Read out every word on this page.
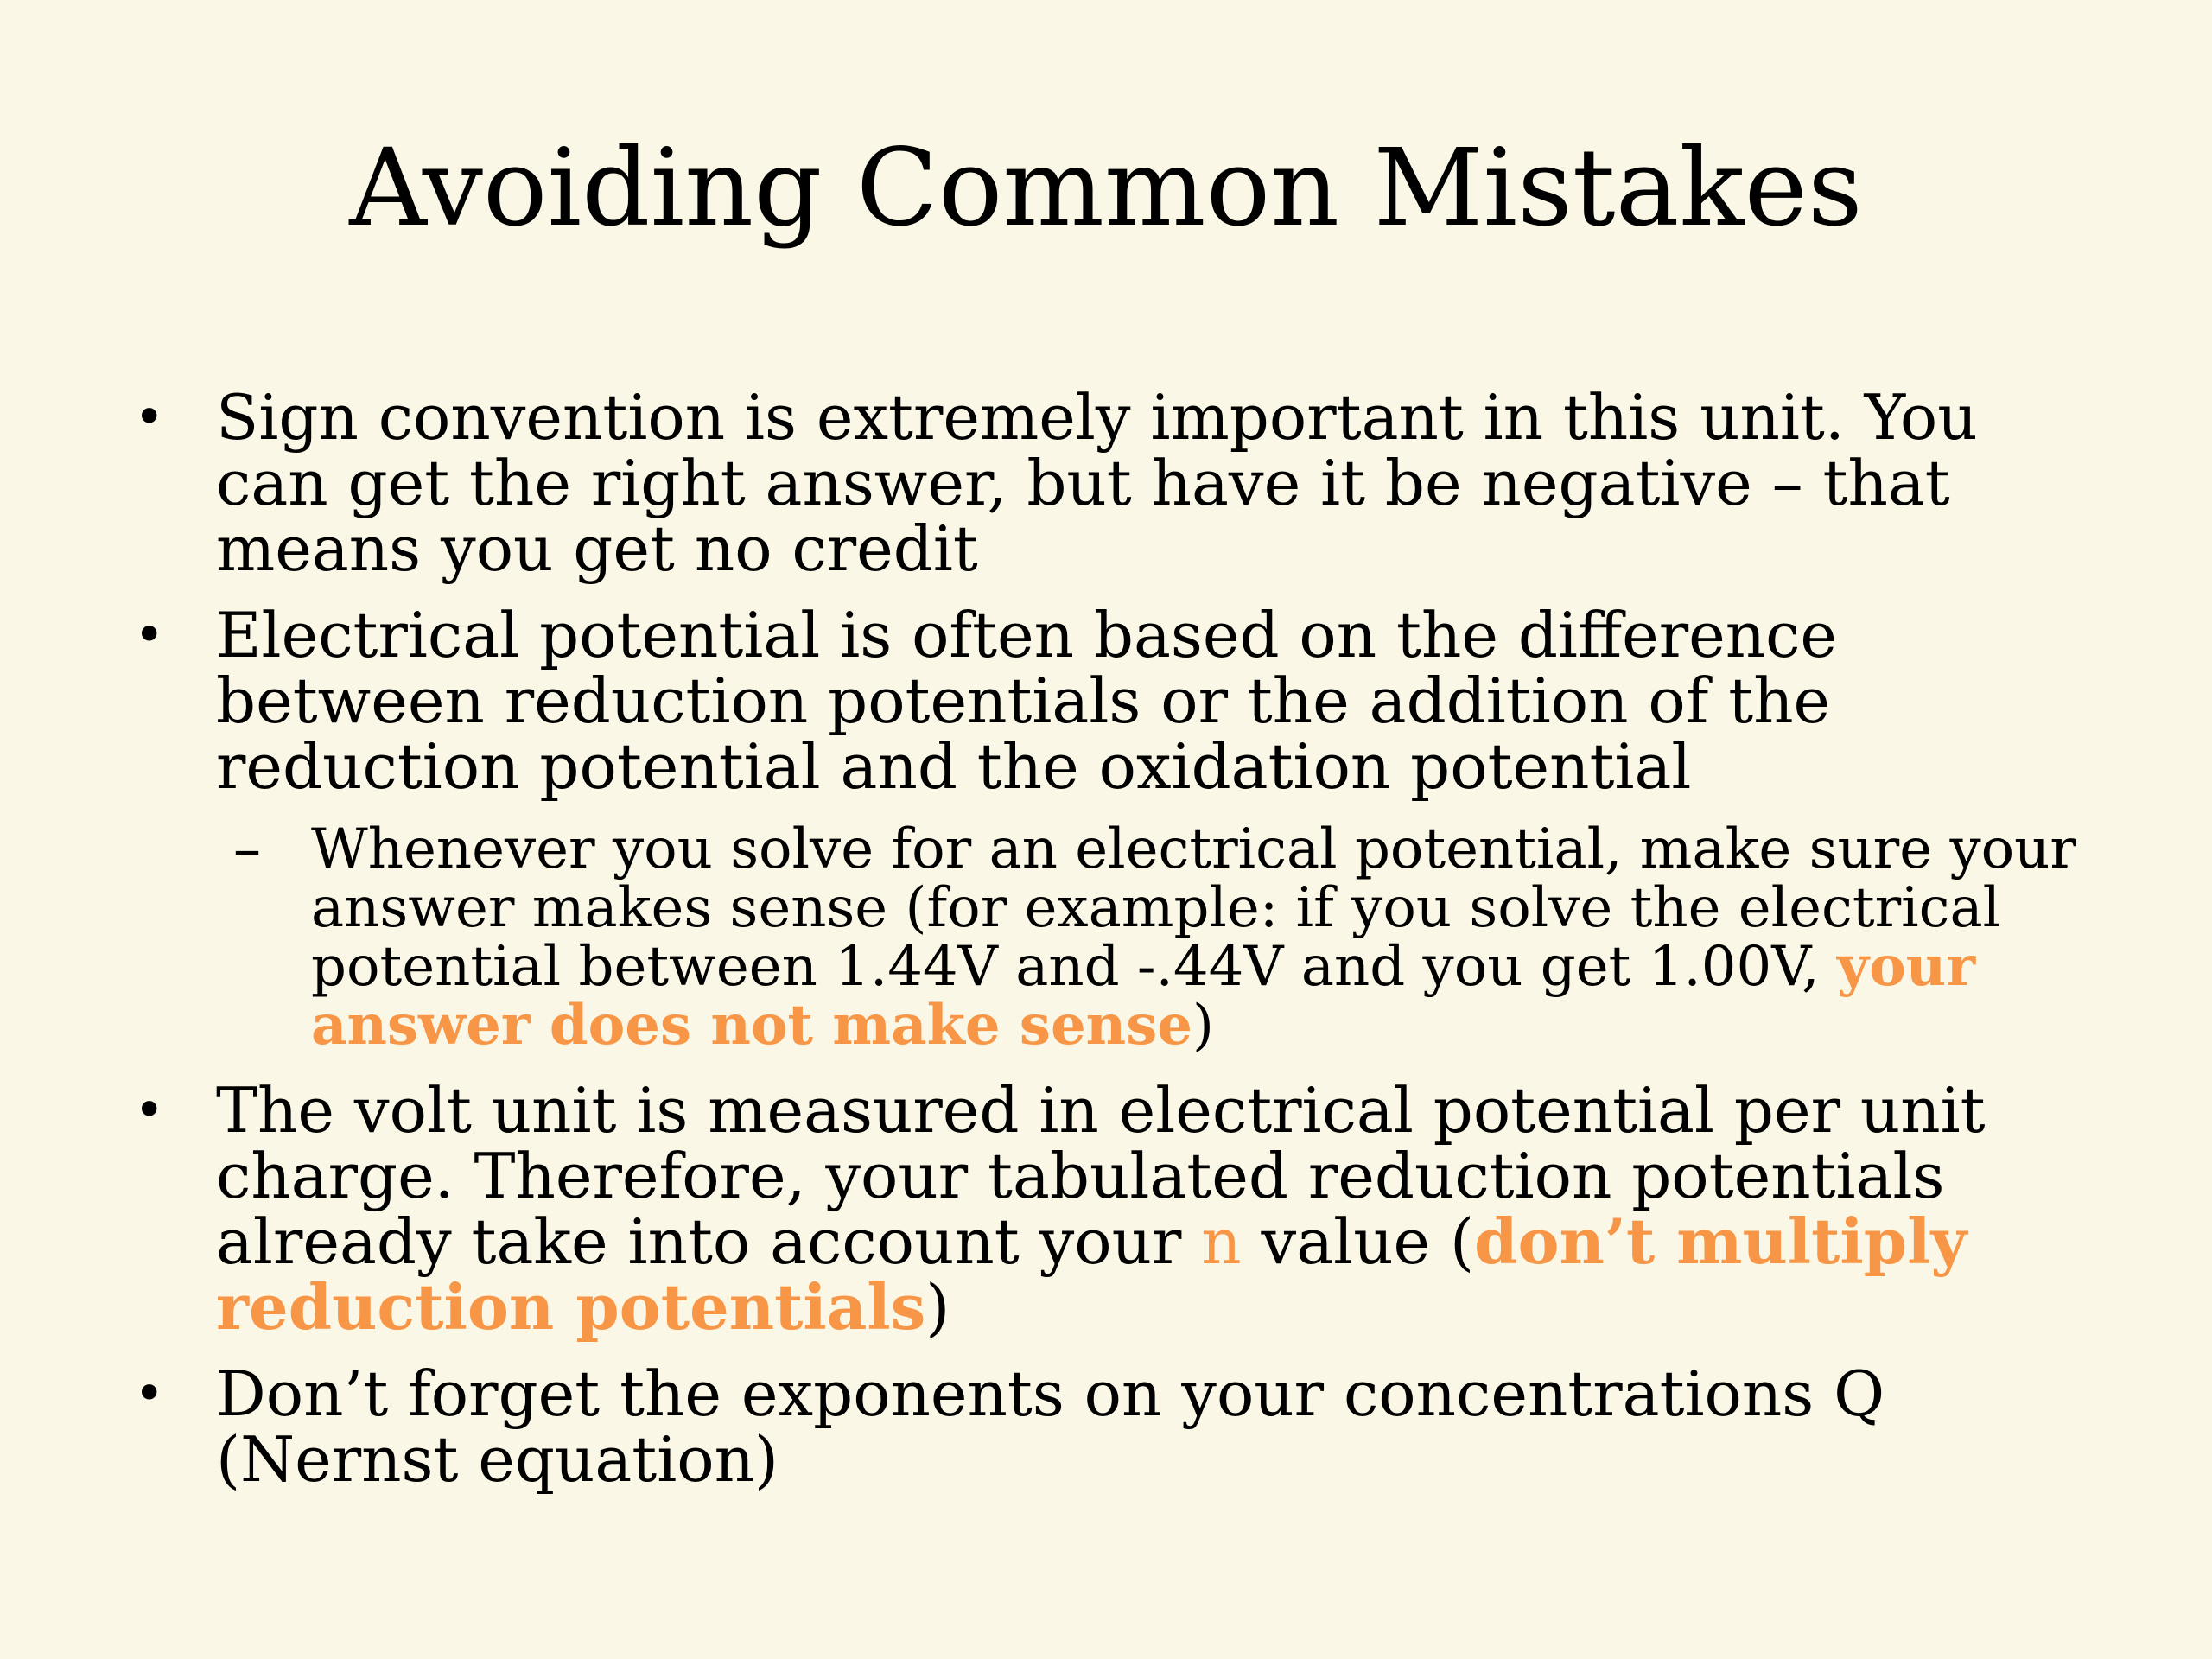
Avoiding Common Mistakes
• Sign convention is extremely important in this unit. You can get the right answer, but have it be negative – that means you get no credit
• Electrical potential is often based on the difference between reduction potentials or the addition of the reduction potential and the oxidation potential
– Whenever you solve for an electrical potential, make sure your answer makes sense (for example: if you solve the electrical potential between 1.44V and -.44V and you get 1.00V, your answer does not make sense)
• The volt unit is measured in electrical potential per unit charge. Therefore, your tabulated reduction potentials already take into account your n value (don’t multiply reduction potentials)
• Don’t forget the exponents on your concentrations Q (Nernst equation)
